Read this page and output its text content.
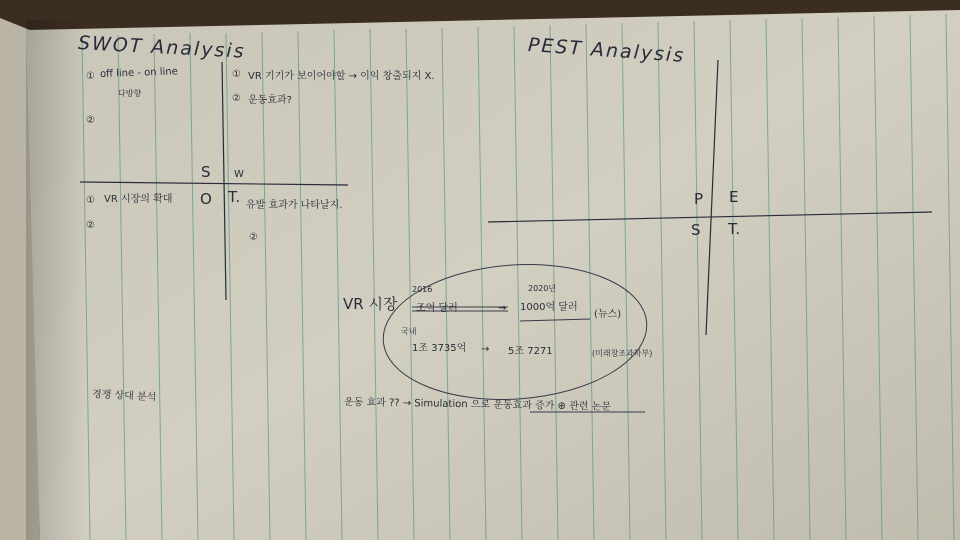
SWOT Analysis
① off line - on line
다방향
②
① VR 기기가 보이어야할 → 이익 창출되지 X.
② 운동효과?
S W
① VR 시장의 확대
②
O T. 유발 효과가 나타날지.
②
경쟁 상대 분석
PEST Analysis
P E
S T.
2016	2020년
VR 시장 조억 달러	→ 1000억 달러
(뉴스)
국내
1조 3735억 → 5조 7271	(미래창조과학부)
운동 효과 ?? → Simulation 으로 운동효과 증가 ⊕ 관련 논문
